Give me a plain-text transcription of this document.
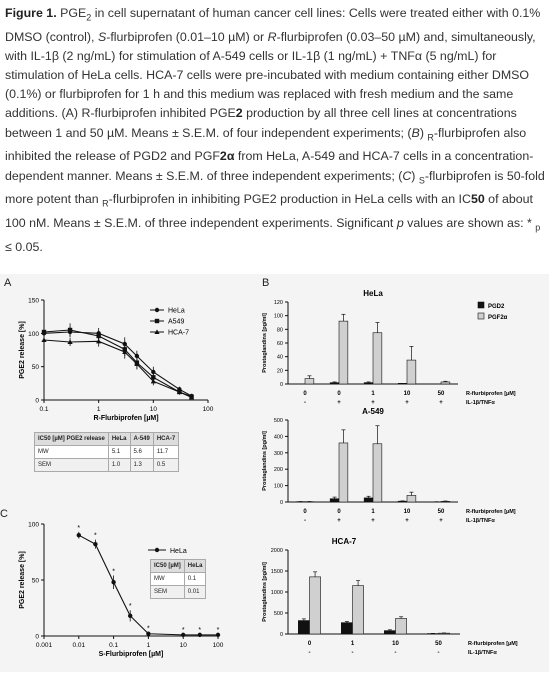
Figure 1. $PGE_2$ in cell supernatant of human cancer cell lines: Cells were treated either with 0.1% DMSO (control), S-flurbiprofen (0.01–10 µM) or R-flurbiprofen (0.03–50 µM) and, simultaneously, with IL-1β (2 ng/mL) for stimulation of A-549 cells or IL-1β (1 ng/mL) + TNFα (5 ng/mL) for stimulation of HeLa cells. HCA-7 cells were pre-incubated with medium containing either DMSO (0.1%) or flurbiprofen for 1 h and this medium was replaced with fresh medium and the same additions. (A) R-flurbiprofen inhibited PGE2 production by all three cell lines at concentrations between 1 and 50 µM. Means ± S.E.M. of four independent experiments; (B) $_R$-flurbiprofen also inhibited the release of PGD2 and PGF2α from HeLa, A-549 and HCA-7 cells in a concentration-dependent manner. Means ± S.E.M. of three independent experiments; (C) $_S$-flurbiprofen is 50-fold more potent than $_R$-flurbiprofen in inhibiting PGE2 production in HeLa cells with an IC50 of about 100 nM. Means ± S.E.M. of three independent experiments. Significant p values are shown as: * $_p$ ≤ 0.05.
A
0
50
100
150
0.1	1	10	100
R-Flurbiprofen [µM]
PGE2 release [%]
HeLa
A549
HCA-7
B
HeLa
0
20
40
60
80
100
120
Prostaglandins [pg/ml]
0
-
0
+
1
+
10
+
50
+
R-flurbiprofen [µM]
IL-1β/TNFα
PGD2
PGF2α
A-549
0
100
200
300
400
500
Prostaglandins [pg/ml]
0
-
0
+
1
+
10
+
50
+
R-flurbiprofen [µM]
IL-1β/TNFα
HCA-7
0
500
1000
1500
2000
Prostaglandins [pg/ml]
0
-
1
-
10
-
50
-
R-flurbiprofen [µM]
IL-1β/TNFα
C
0
50
100
0.001	0.01	0.1	1	10	100
S-Flurbiprofen [µM]
PGE2 release [%]
*
*
*
*
*	* * *
HeLa
IC50 [µM] PGE2 release	HeLa	A-549	HCA-7
MW	5.1	5.6	11.7
SEM	1.0	1.3	0.5
IC50 [µM]	HeLa
MW	0.1
SEM	0.01
